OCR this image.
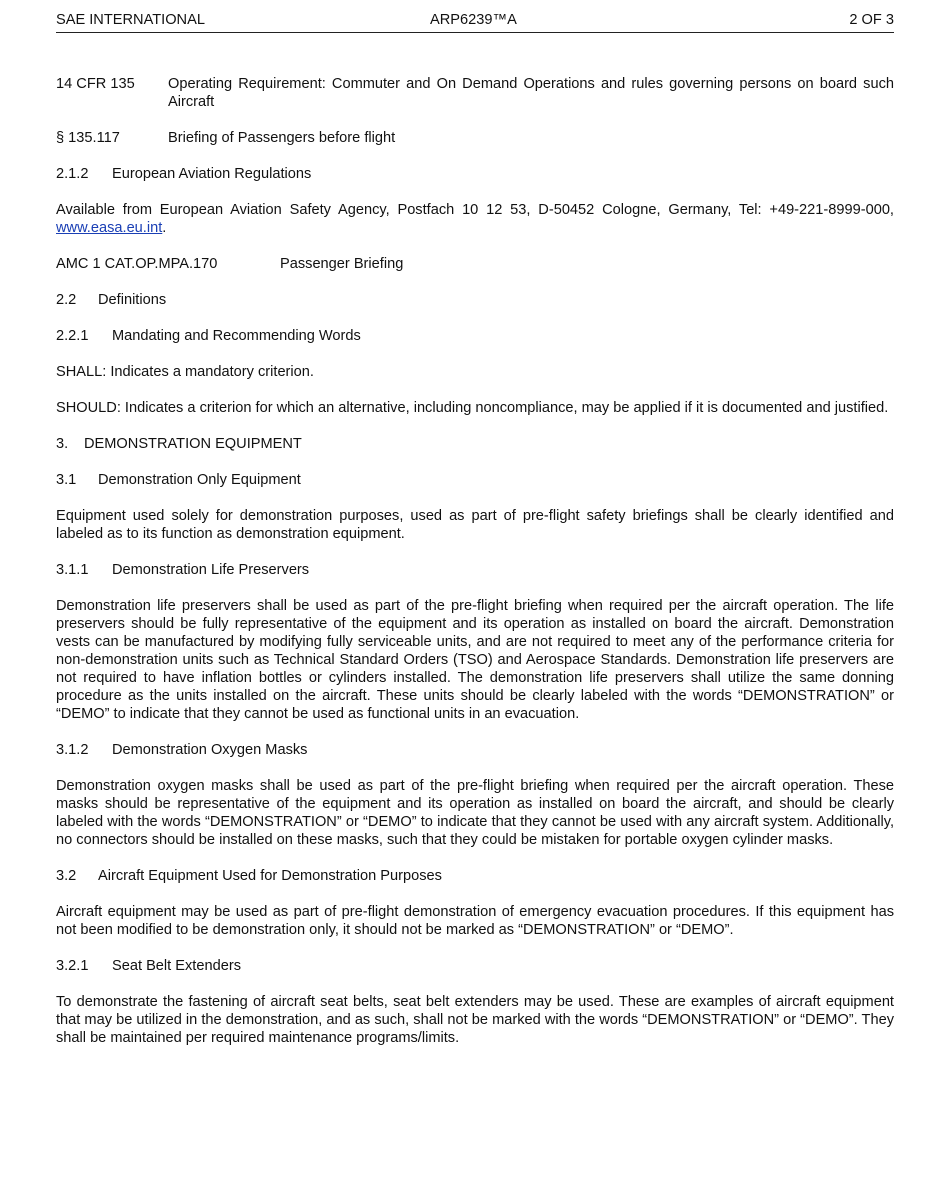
SAE INTERNATIONAL	ARP6239™A	2 OF 3
14 CFR 135	Operating Requirement: Commuter and On Demand Operations and rules governing persons on board such Aircraft
§ 135.117	Briefing of Passengers before flight
2.1.2 European Aviation Regulations

Available from European Aviation Safety Agency, Postfach 10 12 53, D-50452 Cologne, Germany, Tel: +49-221-8999-000, www.easa.eu.int.

AMC 1 CAT.OP.MPA.170	Passenger Briefing
2.2 Definitions
2.2.1 Mandating and Recommending Words

SHALL: Indicates a mandatory criterion.

SHOULD: Indicates a criterion for which an alternative, including noncompliance, may be applied if it is documented and justified.

3. DEMONSTRATION EQUIPMENT
3.1 Demonstration Only Equipment

Equipment used solely for demonstration purposes, used as part of pre-flight safety briefings shall be clearly identified and labeled as to its function as demonstration equipment.

3.1.1 Demonstration Life Preservers

Demonstration life preservers shall be used as part of the pre-flight briefing when required per the aircraft operation. The life preservers should be fully representative of the equipment and its operation as installed on board the aircraft. Demonstration vests can be manufactured by modifying fully serviceable units, and are not required to meet any of the performance criteria for non-demonstration units such as Technical Standard Orders (TSO) and Aerospace Standards. Demonstration life preservers are not required to have inflation bottles or cylinders installed. The demonstration life preservers shall utilize the same donning procedure as the units installed on the aircraft. These units should be clearly labeled with the words “DEMONSTRATION” or “DEMO” to indicate that they cannot be used as functional units in an evacuation.

3.1.2 Demonstration Oxygen Masks

Demonstration oxygen masks shall be used as part of the pre-flight briefing when required per the aircraft operation. These masks should be representative of the equipment and its operation as installed on board the aircraft, and should be clearly labeled with the words “DEMONSTRATION” or “DEMO” to indicate that they cannot be used with any aircraft system. Additionally, no connectors should be installed on these masks, such that they could be mistaken for portable oxygen cylinder masks.

3.2 Aircraft Equipment Used for Demonstration Purposes

Aircraft equipment may be used as part of pre-flight demonstration of emergency evacuation procedures. If this equipment has not been modified to be demonstration only, it should not be marked as “DEMONSTRATION” or “DEMO”.

3.2.1 Seat Belt Extenders

To demonstrate the fastening of aircraft seat belts, seat belt extenders may be used. These are examples of aircraft equipment that may be utilized in the demonstration, and as such, shall not be marked with the words “DEMONSTRATION” or “DEMO”. They shall be maintained per required maintenance programs/limits.
